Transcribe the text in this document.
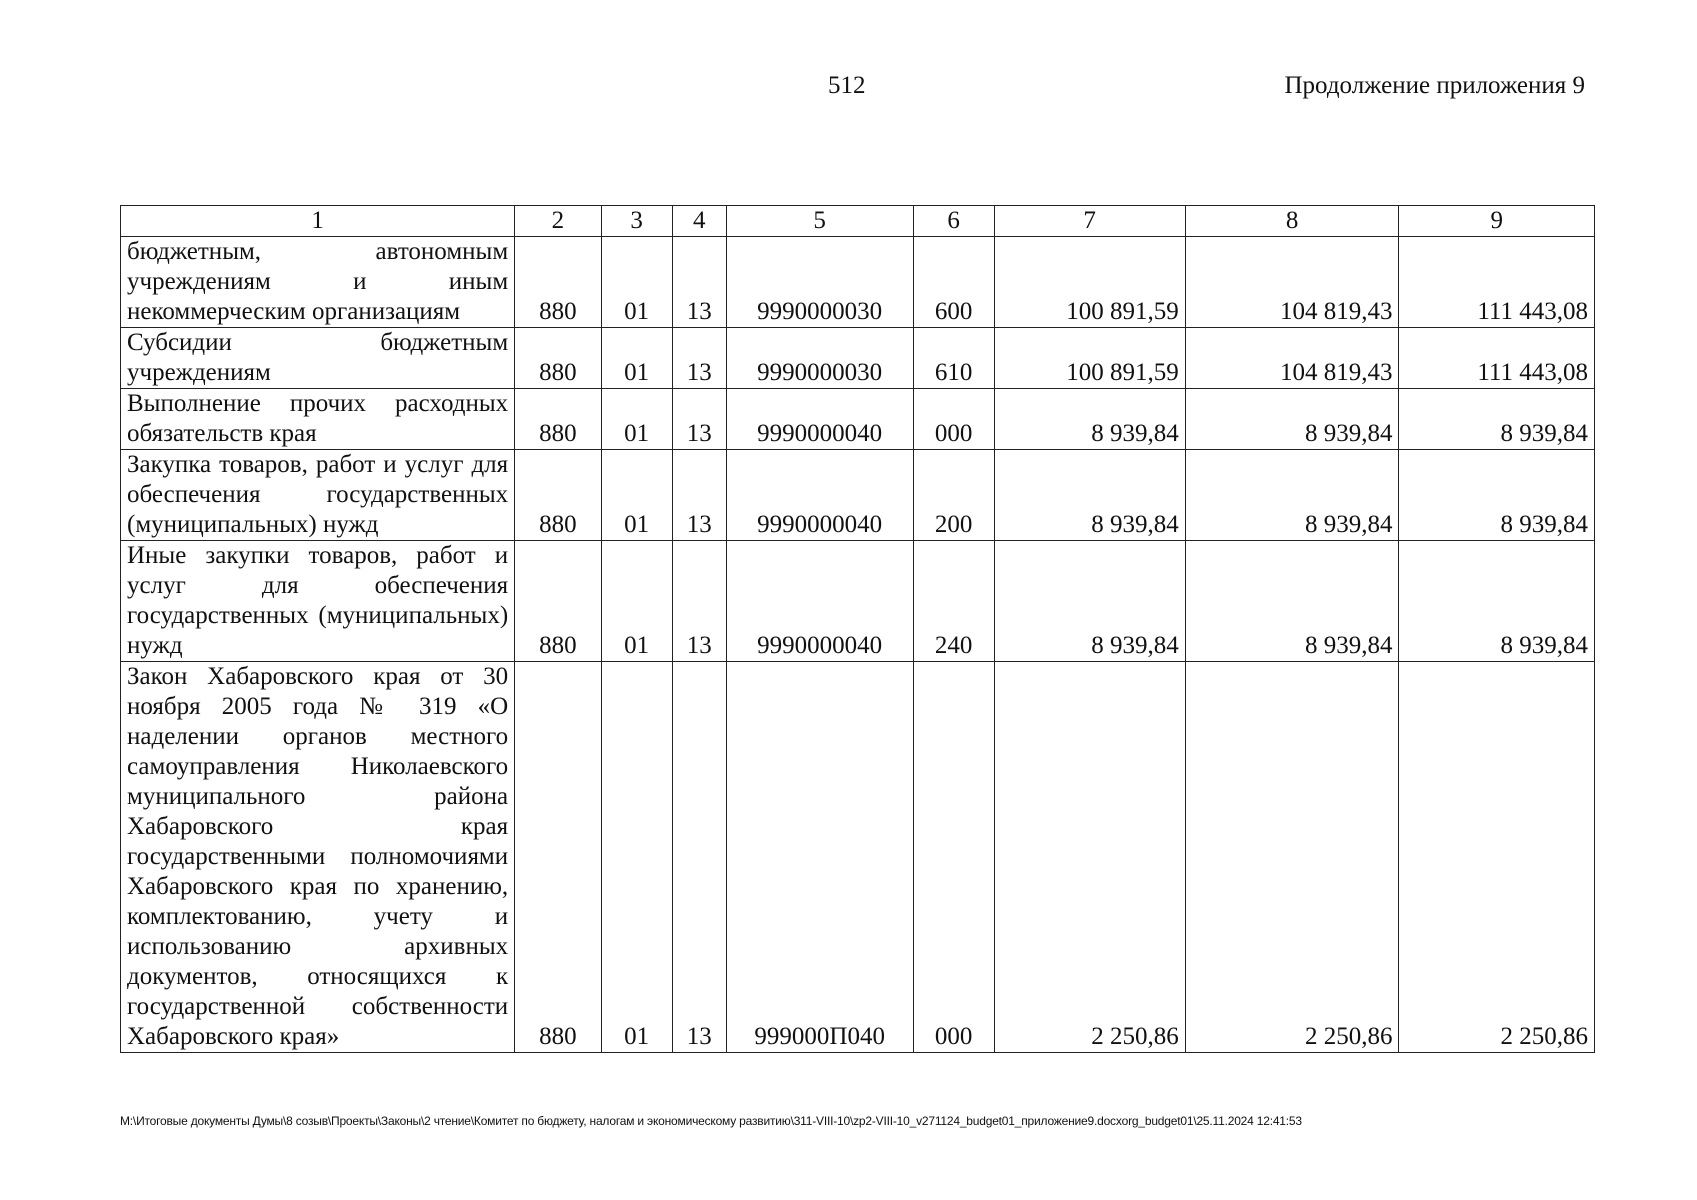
512	Продолжение приложения 9
1	2	3	4	5	6	7	8	9
бюджетным, автономным учреждениям и иным некоммерческим организациям	880	01	13	9990000030	600	100 891,59	104 819,43	111 443,08
Субсидии бюджетным учреждениям	880	01	13	9990000030	610	100 891,59	104 819,43	111 443,08
Выполнение прочих расходных обязательств края	880	01	13	9990000040	000	8 939,84	8 939,84	8 939,84
Закупка товаров, работ и услуг для обеспечения государственных (муниципальных) нужд	880	01	13	9990000040	200	8 939,84	8 939,84	8 939,84
Иные закупки товаров, работ и услуг для обеспечения государственных (муниципальных) нужд	880	01	13	9990000040	240	8 939,84	8 939,84	8 939,84
Закон Хабаровского края от 30 ноября 2005 года № 319 «О наделении органов местного самоуправления Николаевского муниципального района Хабаровского края государственными полномочиями Хабаровского края по хранению, комплектованию, учету и использованию архивных документов, относящихся к государственной собственности Хабаровского края»	880	01	13	999000П040	000	2 250,86	2 250,86	2 250,86
М:\Итоговые документы Думы\8 созыв\Проекты\Законы\2 чтение\Комитет по бюджету, налогам и экономическому развитию\311-VIII-10\zp2-VIII-10_v271124_budget01_приложение9.docxorg_budget01\25.11.2024 12:41:53
